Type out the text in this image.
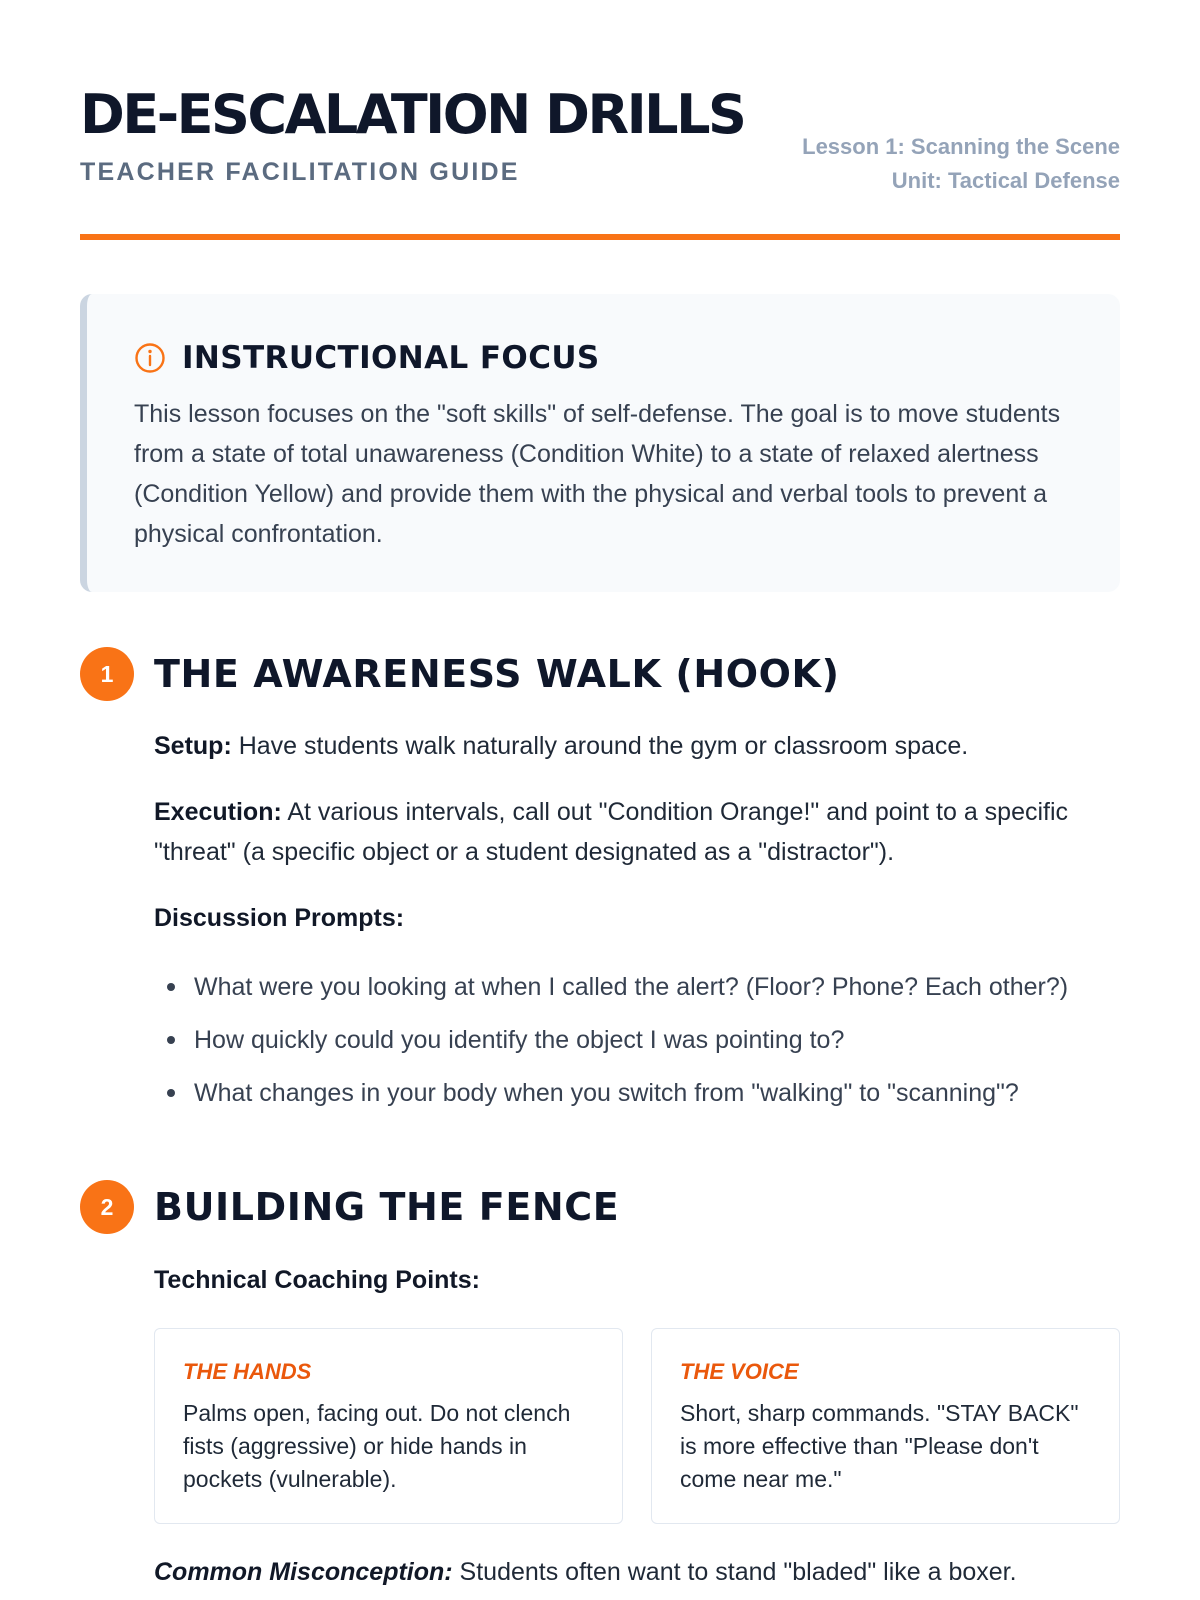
DE-ESCALATION DRILLS
TEACHER FACILITATION GUIDE
Lesson 1: Scanning the Scene
Unit: Tactical Defense
INSTRUCTIONAL FOCUS

This lesson focuses on the "soft skills" of self-defense. The goal is to move students from a state of total unawareness (Condition White) to a state of relaxed alertness (Condition Yellow) and provide them with the physical and verbal tools to prevent a physical confrontation.

1	THE AWARENESS WALK (HOOK)

Setup: Have students walk naturally around the gym or classroom space.

Execution: At various intervals, call out "Condition Orange!" and point to a specific "threat" (a specific object or a student designated as a "distractor").

Discussion Prompts:

What were you looking at when I called the alert? (Floor? Phone? Each other?)
How quickly could you identify the object I was pointing to?
What changes in your body when you switch from "walking" to "scanning"?
2	BUILDING THE FENCE

Technical Coaching Points:

THE HANDS
Palms open, facing out. Do not clench fists (aggressive) or hide hands in pockets (vulnerable).
THE VOICE
Short, sharp commands. "STAY BACK" is more effective than "Please don't come near me."

Common Misconception: Students often want to stand "bladed" like a boxer.
